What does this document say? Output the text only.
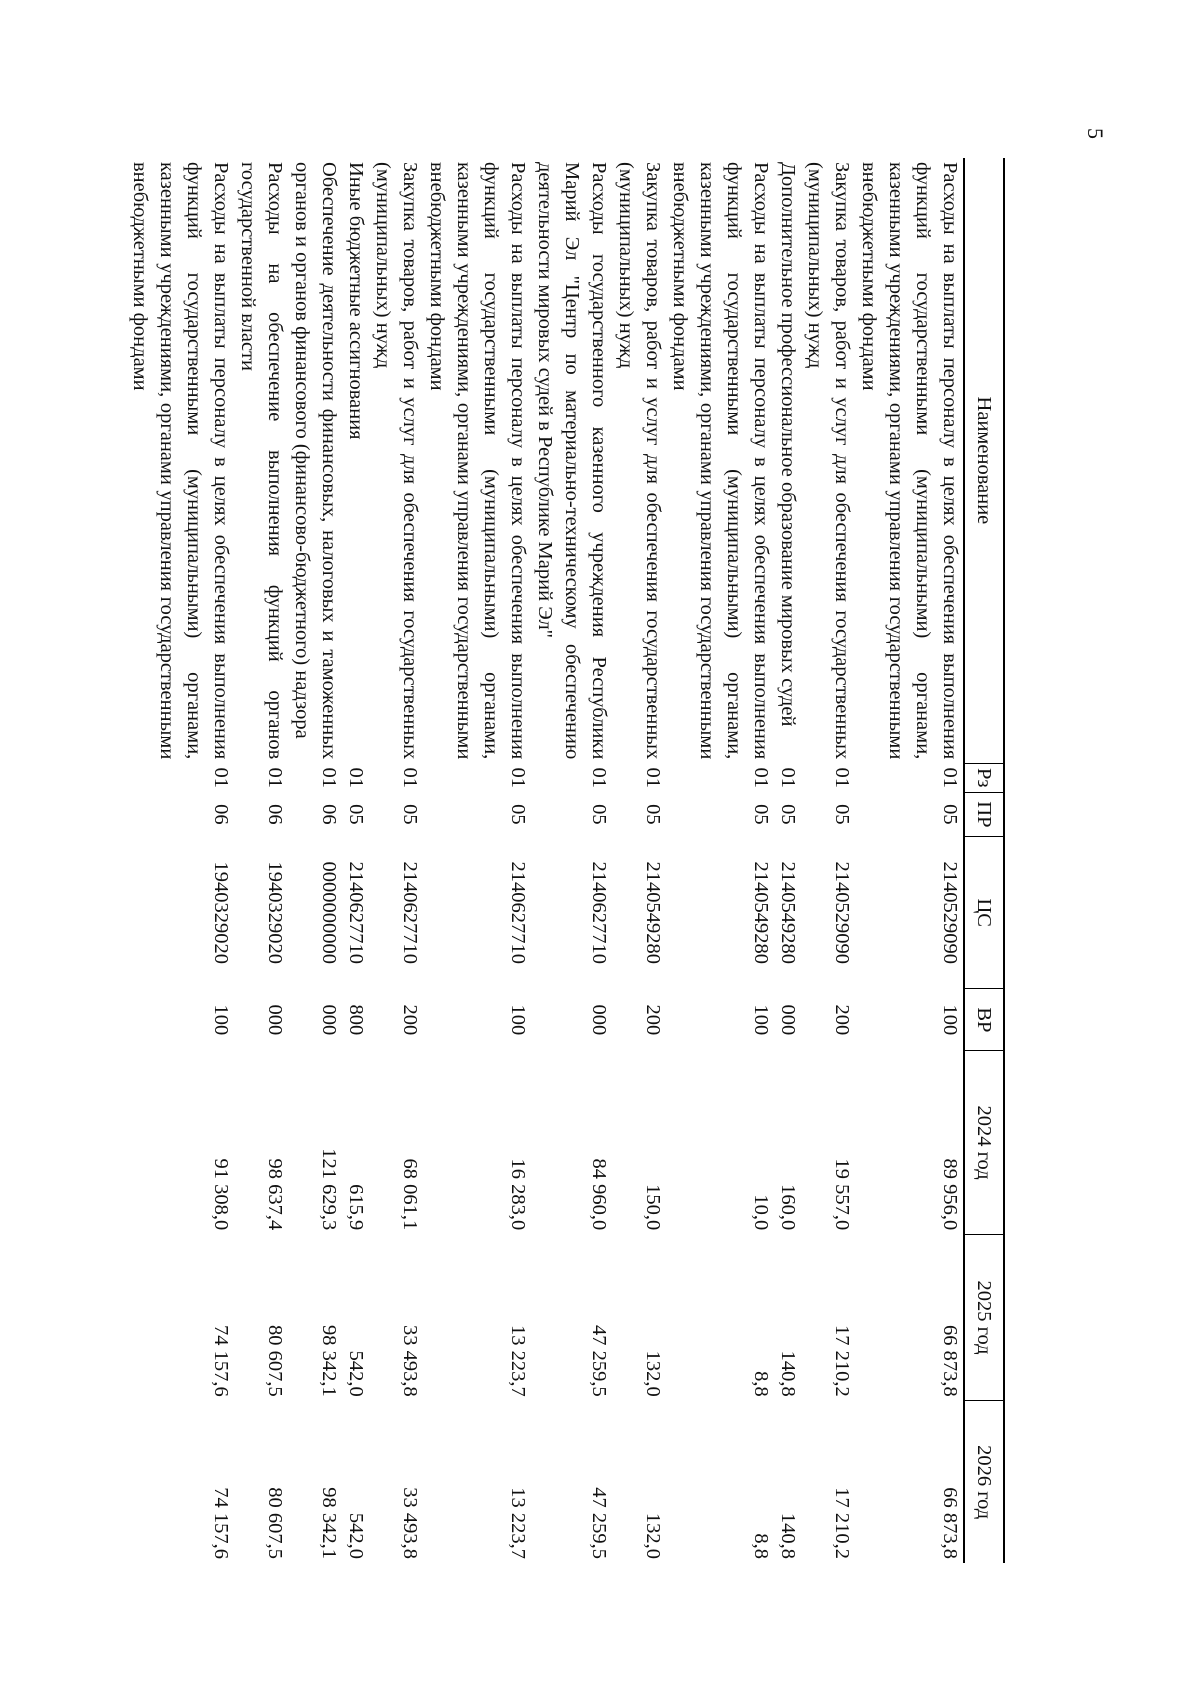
5
Наименование	Рз	ПР	ЦС	ВР	2024 год	2025 год	2026 год
Расходы на выплаты персоналу в целях обеспечения выполнения функций государственными (муниципальными) органами, казенными учреждениями, органами управления государственными внебюджетными фондами	01	05	2140529090	100	89 956,0	66 873,8	66 873,8
Закупка товаров, работ и услуг для обеспечения государственных (муниципальных) нужд	01	05	2140529090	200	19 557,0	17 210,2	17 210,2
Дополнительное профессиональное образование мировых судей	01	05	2140549280	000	160,0	140,8	140,8
Расходы на выплаты персоналу в целях обеспечения выполнения функций государственными (муниципальными) органами, казенными учреждениями, органами управления государственными внебюджетными фондами	01	05	2140549280	100	10,0	8,8	8,8
Закупка товаров, работ и услуг для обеспечения государственных (муниципальных) нужд	01	05	2140549280	200	150,0	132,0	132,0
Расходы государственного казенного учреждения Республики Марий Эл "Центр по материально-техническому обеспечению деятельности мировых судей в Республике Марий Эл"	01	05	2140627710	000	84 960,0	47 259,5	47 259,5
Расходы на выплаты персоналу в целях обеспечения выполнения функций государственными (муниципальными) органами, казенными учреждениями, органами управления государственными внебюджетными фондами	01	05	2140627710	100	16 283,0	13 223,7	13 223,7
Закупка товаров, работ и услуг для обеспечения государственных (муниципальных) нужд	01	05	2140627710	200	68 061,1	33 493,8	33 493,8
Иные бюджетные ассигнования	01	05	2140627710	800	615,9	542,0	542,0
Обеспечение деятельности финансовых, налоговых и таможенных органов и органов финансового (финансово-бюджетного) надзора	01	06	0000000000	000	121 629,3	98 342,1	98 342,1
Расходы на обеспечение выполнения функций органов государственной власти	01	06	1940329020	000	98 637,4	80 607,5	80 607,5
Расходы на выплаты персоналу в целях обеспечения выполнения функций государственными (муниципальными) органами, казенными учреждениями, органами управления государственными внебюджетными фондами	01	06	1940329020	100	91 308,0	74 157,6	74 157,6
